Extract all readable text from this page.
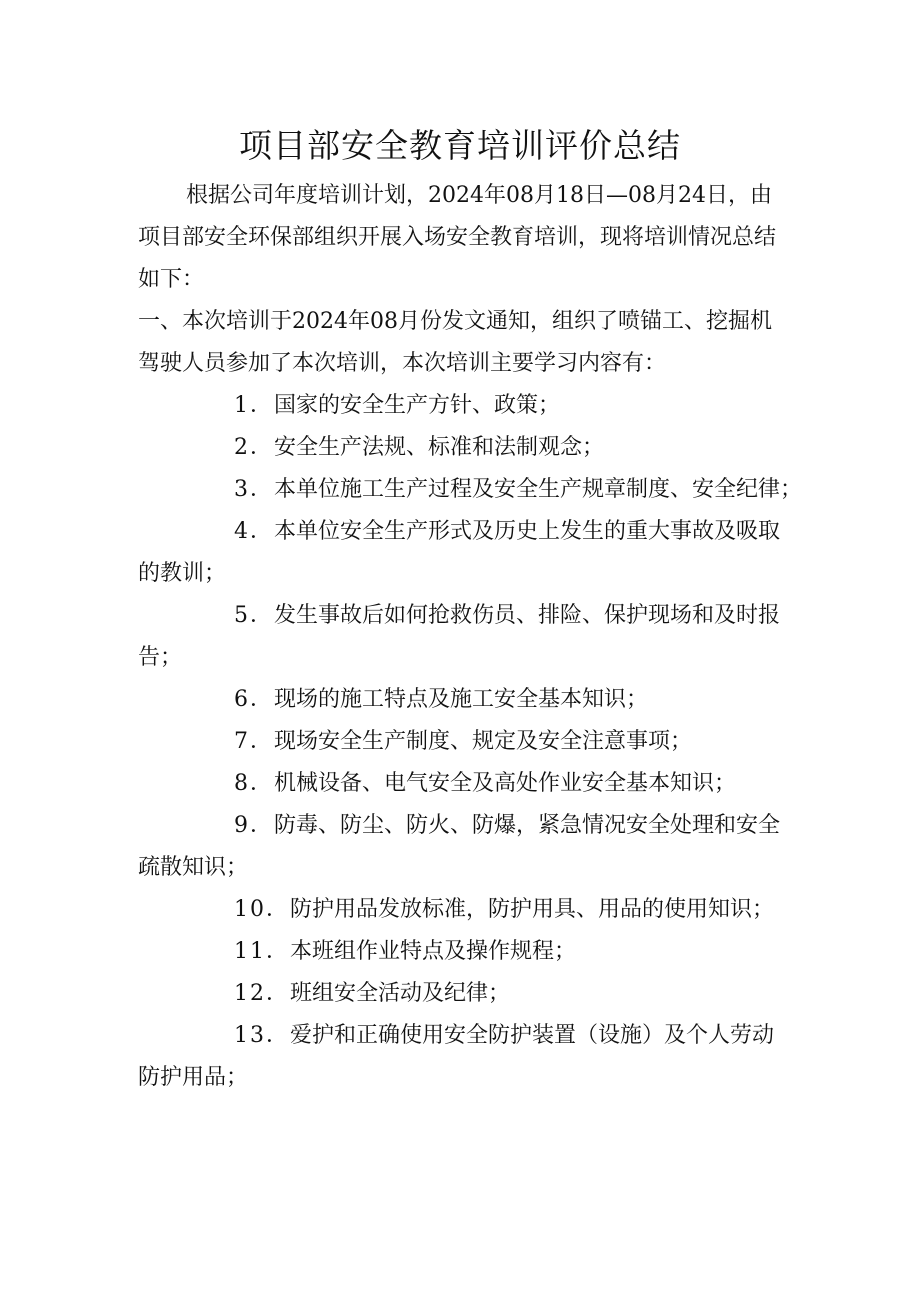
项目部安全教育培训评价总结

根据公司年度培训计划，2024年08月18日—08月24日，由项目部安全环保部组织开展入场安全教育培训，现将培训情况总结如下：

一、本次培训于2024年08月份发文通知，组织了喷锚工、挖掘机驾驶人员参加了本次培训，本次培训主要学习内容有：

1．国家的安全生产方针、政策；

2．安全生产法规、标准和法制观念；

3．本单位施工生产过程及安全生产规章制度、安全纪律；

4．本单位安全生产形式及历史上发生的重大事故及吸取的教训；

5．发生事故后如何抢救伤员、排险、保护现场和及时报告；

6．现场的施工特点及施工安全基本知识；

7．现场安全生产制度、规定及安全注意事项；

8．机械设备、电气安全及高处作业安全基本知识；

9．防毒、防尘、防火、防爆，紧急情况安全处理和安全疏散知识；

10．防护用品发放标准，防护用具、用品的使用知识；

11．本班组作业特点及操作规程；

12．班组安全活动及纪律；

13．爱护和正确使用安全防护装置（设施）及个人劳动防护用品；
